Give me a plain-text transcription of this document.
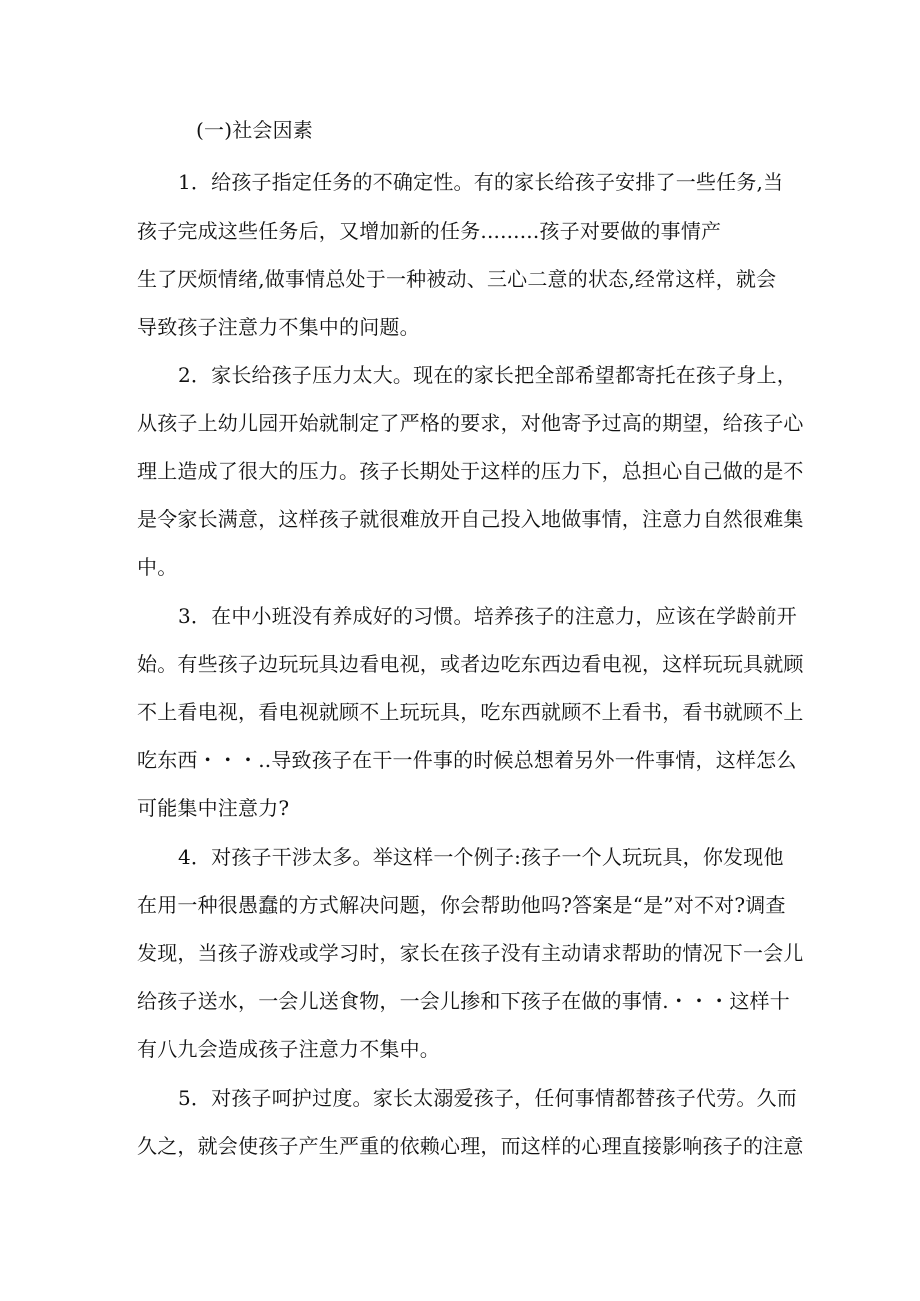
(一)社会因素
1．给孩子指定任务的不确定性。有的家长给孩子安排了一些任务,当
孩子完成这些任务后，又增加新的任务.........孩子对要做的事情产
生了厌烦情绪,做事情总处于一种被动、三心二意的状态,经常这样，就会
导致孩子注意力不集中的问题。
2．家长给孩子压力太大。现在的家长把全部希望都寄托在孩子身上，
从孩子上幼儿园开始就制定了严格的要求，对他寄予过高的期望，给孩子心
理上造成了很大的压力。孩子长期处于这样的压力下，总担心自己做的是不
是令家长满意，这样孩子就很难放开自己投入地做事情，注意力自然很难集
中。
3．在中小班没有养成好的习惯。培养孩子的注意力，应该在学龄前开
始。有些孩子边玩玩具边看电视，或者边吃东西边看电视，这样玩玩具就顾
不上看电视，看电视就顾不上玩玩具，吃东西就顾不上看书，看书就顾不上
吃东西・・・..导致孩子在干一件事的时候总想着另外一件事情，这样怎么
可能集中注意力?
4．对孩子干涉太多。举这样一个例子:孩子一个人玩玩具，你发现他
在用一种很愚蠢的方式解决问题，你会帮助他吗?答案是“是”对不对?调查
发现，当孩子游戏或学习时，家长在孩子没有主动请求帮助的情况下一会儿
给孩子送水，一会儿送食物，一会儿掺和下孩子在做的事情.・・・这样十
有八九会造成孩子注意力不集中。
5．对孩子呵护过度。家长太溺爱孩子，任何事情都替孩子代劳。久而
久之，就会使孩子产生严重的依赖心理，而这样的心理直接影响孩子的注意
